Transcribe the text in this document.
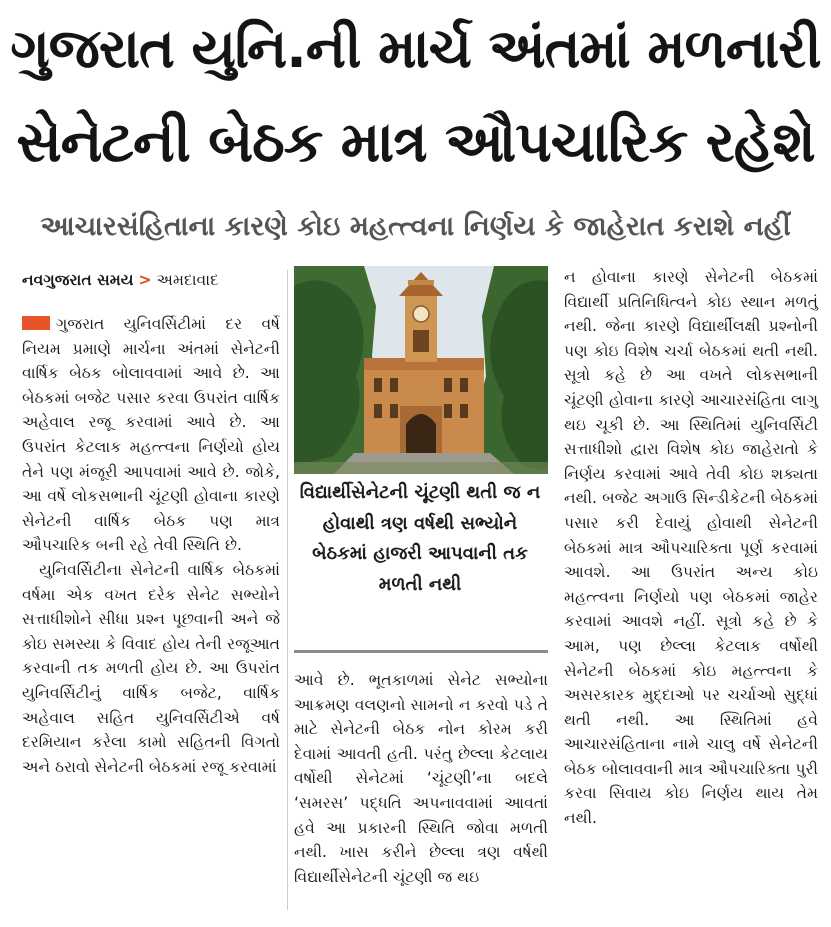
ગુજરાત યુનિ.ની માર્ચ અંતમાં મળનારી
સેનેટની બેઠક માત્ર ઔપચારિક રહેશે
આચારસંહિતાના કારણે કોઇ મહત્ત્વના નિર્ણય કે જાહેરાત કરાશે નહીં
નવગુજરાત સમય > અમદાવાદ

ગુજરાત યુનિવર્સિટીમાં દર વર્ષે નિયમ પ્રમાણે માર્ચના અંતમાં સેનેટની વાર્ષિક બેઠક બોલાવવામાં આવે છે. આ બેઠકમાં બજેટ પસાર કરવા ઉપરાંત વાર્ષિક અહેવાલ રજૂ કરવામાં આવે છે. આ ઉપરાંત કેટલાક મહત્ત્વના નિર્ણયો હોય તેને પણ મંજૂરી આપવામાં આવે છે. જોકે, આ વર્ષે લોકસભાની ચૂંટણી હોવાના કારણે સેનેટની વાર્ષિક બેઠક પણ માત્ર ઔપચારિક બની રહે તેવી સ્થિતિ છે.

યુનિવર્સિટીના સેનેટની વાર્ષિક બેઠકમાં વર્ષમા એક વખત દરેક સેનેટ સભ્યોને સત્તાધીશોને સીધા પ્રશ્ન પૂછવાની અને જે કોઇ સમસ્યા કે વિવાદ હોય તેની રજૂઆત કરવાની તક મળતી હોય છે. આ ઉપરાંત યુનિવર્સિટીનું વાર્ષિક બજેટ, વાર્ષિક અહેવાલ સહિત યુનિવર્સિટીએ વર્ષ દરમિયાન કરેલા કામો સહિતની વિગતો અને ઠરાવો સેનેટની બેઠકમાં રજૂ કરવામાં

વિદ્યાર્થીસેનેટની ચૂંટણી થતી જ ન હોવાથી ત્રણ વર્ષથી સભ્યોને બેઠકમાં હાજરી આપવાની તક મળતી નથી

આવે છે. ભૂતકાળમાં સેનેટ સભ્યોના આક્રમણ વલણનો સામનો ન કરવો પડે તે માટે સેનેટની બેઠક નોન કોરમ કરી દેવામાં આવતી હતી. પરંતુ છેલ્લા કેટલાય વર્ષોથી સેનેટમાં ‘ચૂંટણી’ના બદલે ‘સમરસ’ પદ્ધતિ અપનાવવામાં આવતાં હવે આ પ્રકારની સ્થિતિ જોવા મળતી નથી. ખાસ કરીને છેલ્લા ત્રણ વર્ષથી વિદ્યાર્થીસેનેટની ચૂંટણી જ થઇ

ન હોવાના કારણે સેનેટની બેઠકમાં વિદ્યાર્થી પ્રતિનિધિત્વને કોઇ સ્થાન મળતું નથી. જેના કારણે વિદ્યાર્થીલક્ષી પ્રશ્નોની પણ કોઇ વિશેષ ચર્ચા બેઠકમાં થતી નથી. સૂત્રો કહે છે આ વખતે લોકસભાની ચૂંટણી હોવાના કારણે આચારસંહિતા લાગુ થઇ ચૂકી છે. આ સ્થિતિમાં યુનિવર્સિટી સત્તાધીશો દ્વારા વિશેષ કોઇ જાહેરાતો કે નિર્ણય કરવામાં આવે તેવી કોઇ શક્યતા નથી. બજેટ અગાઉ સિન્ડીકેટની બેઠકમાં પસાર કરી દેવાયું હોવાથી સેનેટની બેઠકમાં માત્ર ઔપચારિક્તા પૂર્ણ કરવામાં આવશે. આ ઉપરાંત અન્ય કોઇ મહત્ત્વના નિર્ણયો પણ બેઠકમાં જાહેર કરવામાં આવશે નહીં. સૂત્રો કહે છે કે આમ, પણ છેલ્લા કેટલાક વર્ષોથી સેનેટની બેઠકમાં કોઇ મહત્ત્વના કે અસરકારક મુદ્દાઓ પર ચર્ચાઓ સુદ્ધાં થતી નથી. આ સ્થિતિમાં હવે આચારસંહિતાના નામે ચાલુ વર્ષે સેનેટની બેઠક બોલાવવાની માત્ર ઔપચારિક્તા પુરી કરવા સિવાય કોઇ નિર્ણય થાય તેમ નથી.
